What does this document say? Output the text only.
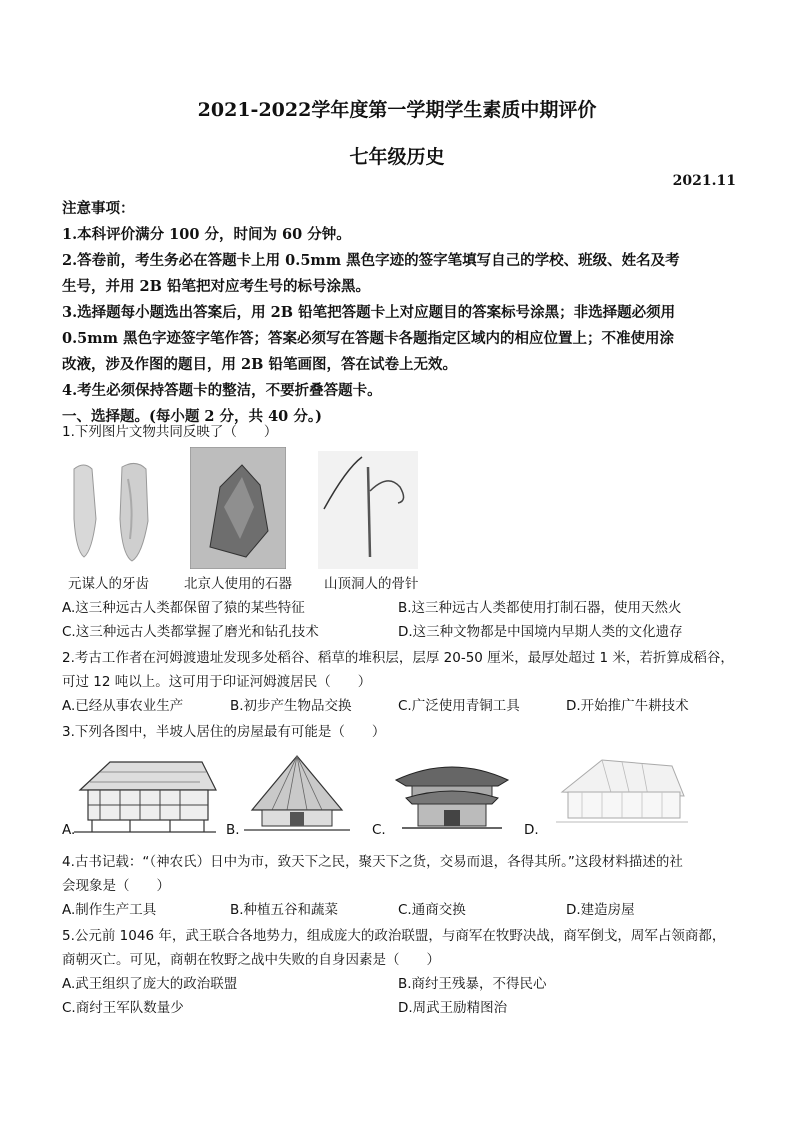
2021-2022学年度第一学期学生素质中期评价
七年级历史
2021.11

注意事项：

1.本科评价满分 100 分，时间为 60 分钟。

2.答卷前，考生务必在答题卡上用 0.5mm 黑色字迹的签字笔填写自己的学校、班级、姓名及考

生号，并用 2B 铅笔把对应考生号的标号涂黑。

3.选择题每小题选出答案后，用 2B 铅笔把答题卡上对应题目的答案标号涂黑；非选择题必须用

0.5mm 黑色字迹签字笔作答；答案必须写在答题卡各题指定区域内的相应位置上；不准使用涂

改液，涉及作图的题目，用 2B 铅笔画图，答在试卷上无效。

4.考生必须保持答题卡的整洁，不要折叠答题卡。

一、选择题。(每小题 2 分，共 40 分。)

1.下列图片文物共同反映了（　　）

元谋人的牙齿	北京人使用的石器 山顶洞人的骨针
A.这三种远古人类都保留了猿的某些特征	B.这三种远古人类都使用打制石器，使用天然火
C.这三种远古人类都掌握了磨光和钻孔技术	D.这三种文物都是中国境内早期人类的文化遗存

2.考古工作者在河姆渡遗址发现多处稻谷、稻草的堆积层，层厚 20-50 厘米，最厚处超过 1 米，若折算成稻谷，

可过 12 吨以上。这可用于印证河姆渡居民（　　）

A.已经从事农业生产	B.初步产生物品交换	C.广泛使用青铜工具	D.开始推广牛耕技术

3.下列各图中，半坡人居住的房屋最有可能是（　　）

A.	B.	C.	D.

4.古书记载：“（神农氏）日中为市，致天下之民，聚天下之货，交易而退，各得其所。”这段材料描述的社

会现象是（　　）

A.制作生产工具	B.种植五谷和蔬菜	C.通商交换	D.建造房屋

5.公元前 1046 年，武王联合各地势力，组成庞大的政治联盟，与商军在牧野决战，商军倒戈，周军占领商都，

商朝灭亡。可见，商朝在牧野之战中失败的自身因素是（　　）

A.武王组织了庞大的政治联盟	B.商纣王残暴，不得民心
C.商纣王军队数量少	D.周武王励精图治
